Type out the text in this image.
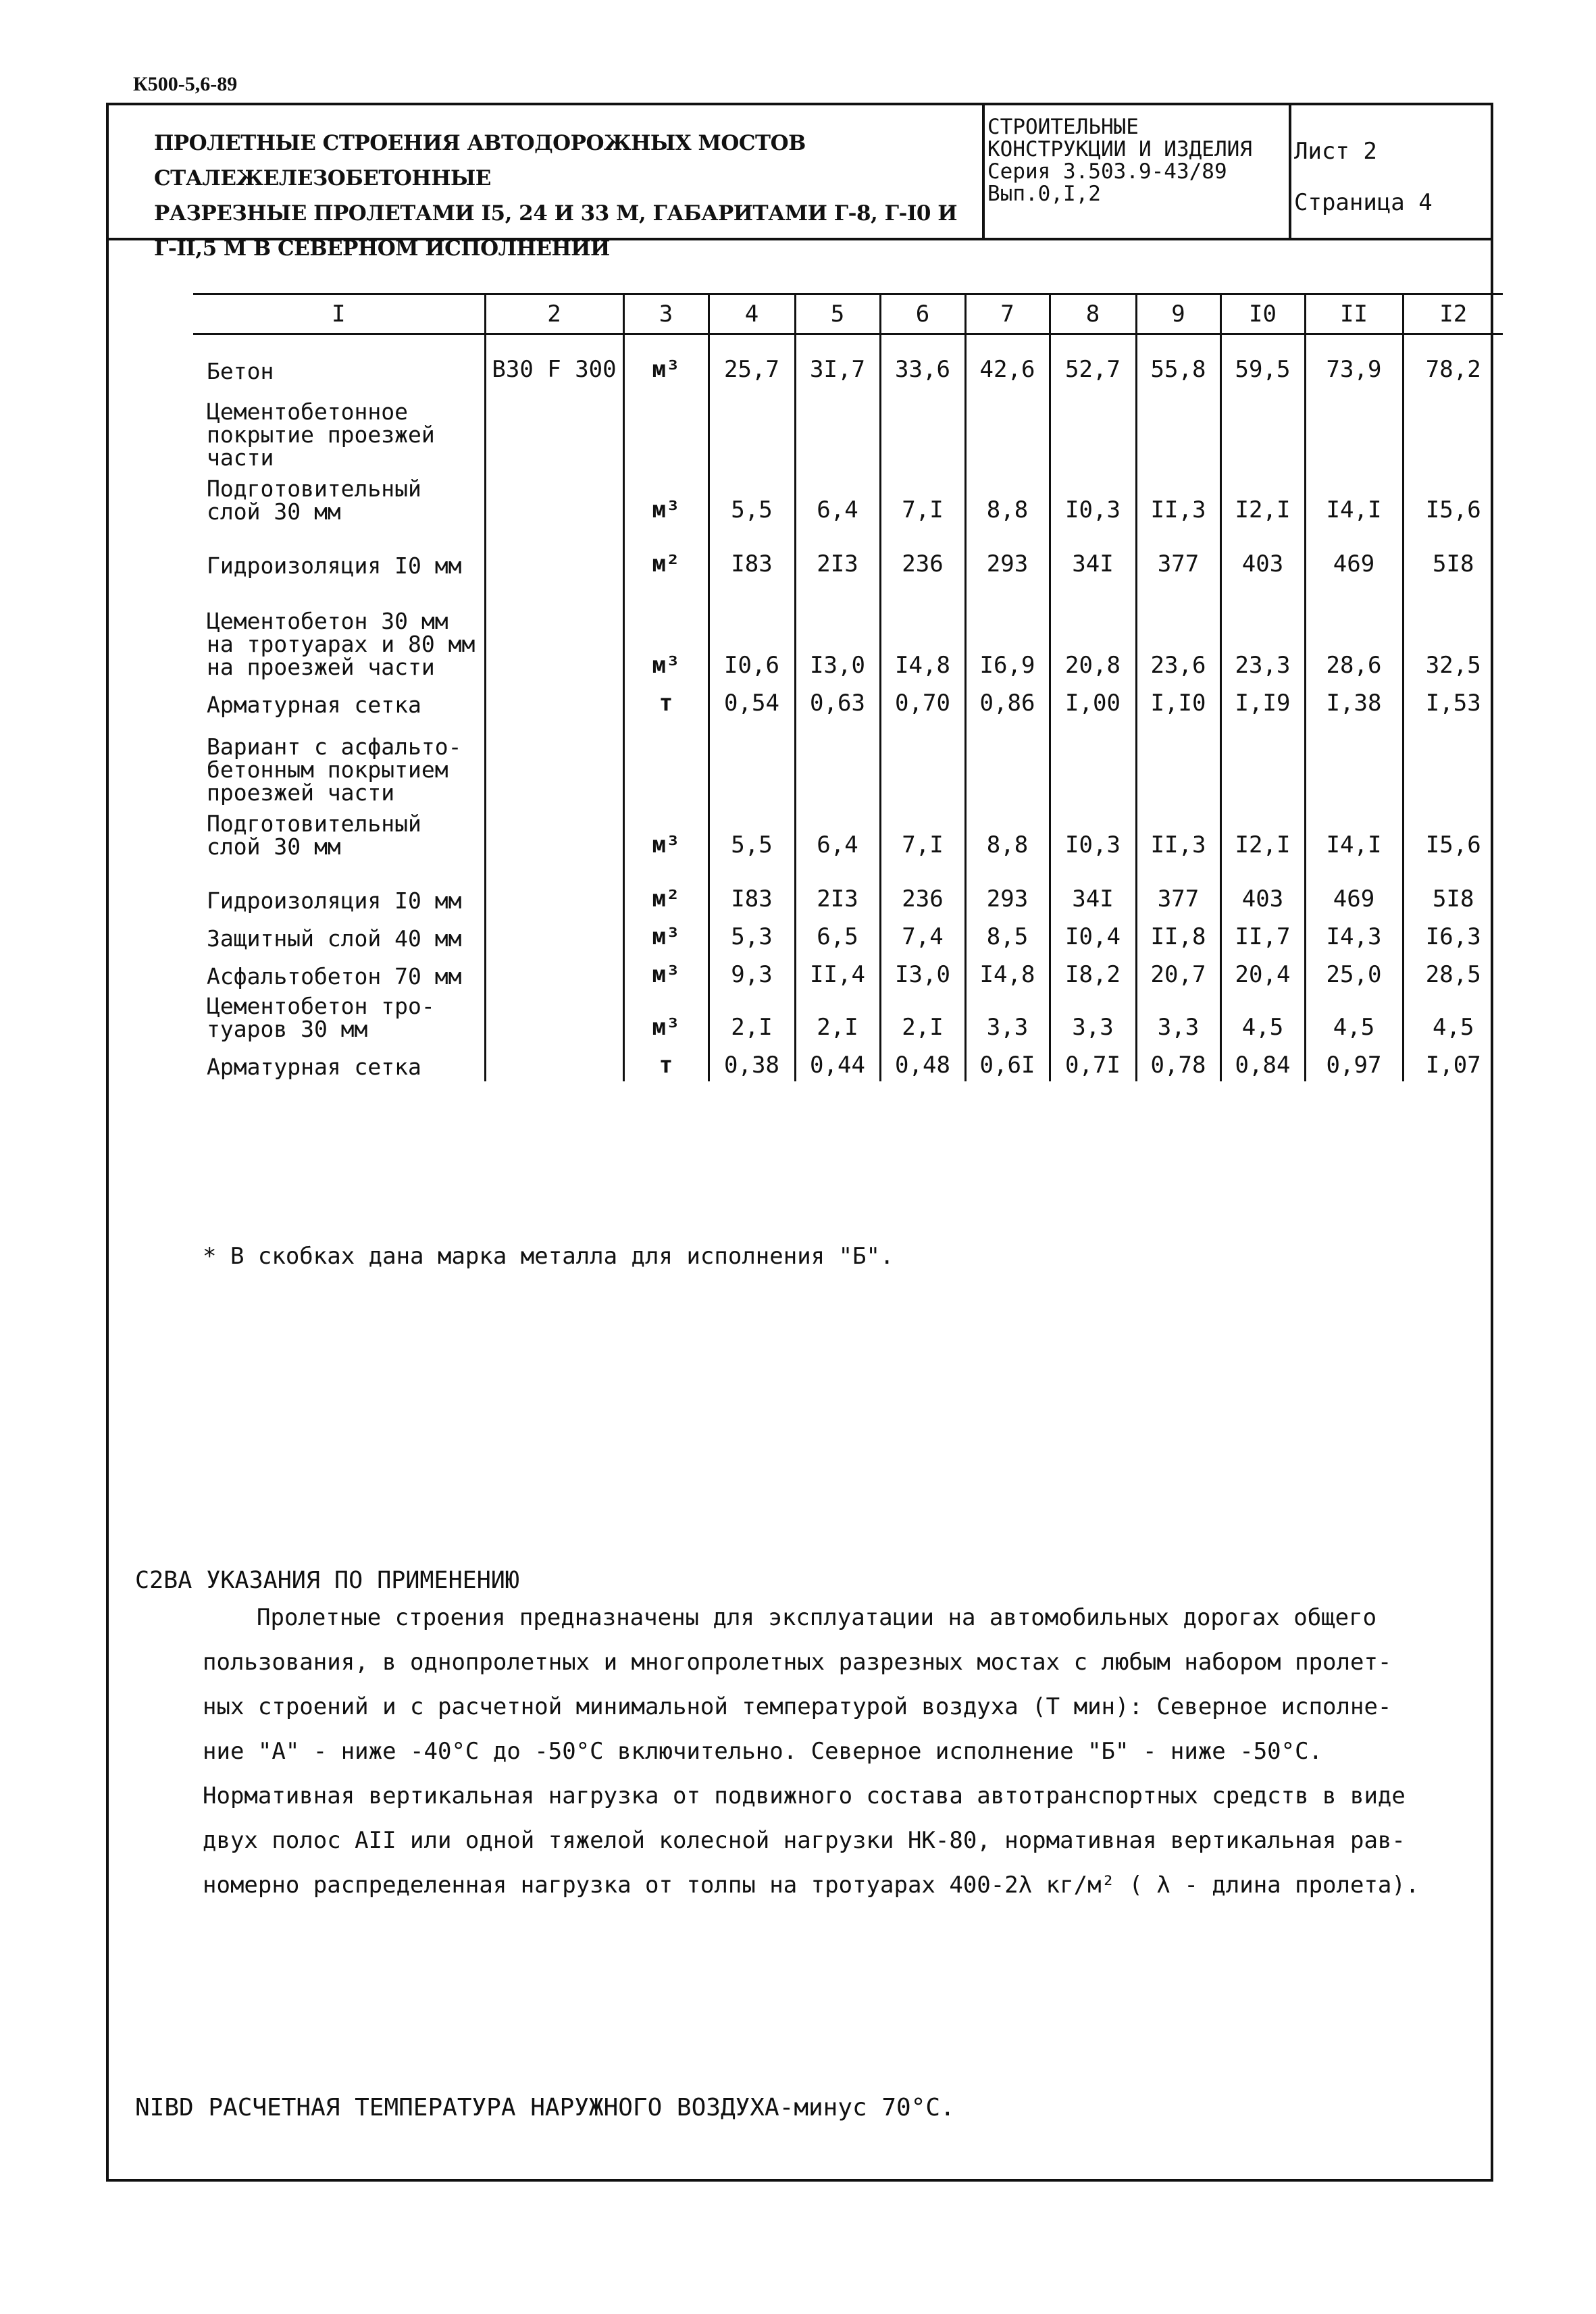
К500-5,6-89
ПРОЛЕТНЫЕ СТРОЕНИЯ АВТОДОРОЖНЫХ МОСТОВ СТАЛЕЖЕЛЕЗОБЕТОННЫЕ
РАЗРЕЗНЫЕ ПРОЛЕТАМИ I5, 24 И 33 М, ГАБАРИТАМИ Г-8, Г-I0 И
Г-II,5 М В СЕВЕРНОМ ИСПОЛНЕНИИ
СТРОИТЕЛЬНЫЕ
КОНСТРУКЦИИ И ИЗДЕЛИЯ
Серия 3.503.9-43/89
Вып.0,I,2
Лист 2
Страница 4
I	2	3	4	5	6	7	8	9	I0	II	I2
Бетон	B30 F 300	м³	25,7	3I,7	33,6	42,6	52,7	55,8	59,5	73,9	78,2
Цементобетонное покрытие проезжей части											
Подготовительный слой 30 мм		м³	5,5	6,4	7,I	8,8	I0,3	II,3	I2,I	I4,I	I5,6
Гидроизоляция I0 мм		м²	I83	2I3	236	293	34I	377	403	469	5I8
Цементобетон 30 мм на тротуарах и 80 мм на проезжей части		м³	I0,6	I3,0	I4,8	I6,9	20,8	23,6	23,3	28,6	32,5
Арматурная сетка		т	0,54	0,63	0,70	0,86	I,00	I,I0	I,I9	I,38	I,53
Вариант с асфальто-бетонным покрытием проезжей части											
Подготовительный слой 30 мм		м³	5,5	6,4	7,I	8,8	I0,3	II,3	I2,I	I4,I	I5,6
Гидроизоляция I0 мм		м²	I83	2I3	236	293	34I	377	403	469	5I8
Защитный слой 40 мм		м³	5,3	6,5	7,4	8,5	I0,4	II,8	II,7	I4,3	I6,3
Асфальтобетон 70 мм		м³	9,3	II,4	I3,0	I4,8	I8,2	20,7	20,4	25,0	28,5
Цементобетон тро-туаров 30 мм		м³	2,I	2,I	2,I	3,3	3,3	3,3	4,5	4,5	4,5
Арматурная сетка		т	0,38	0,44	0,48	0,6I	0,7I	0,78	0,84	0,97	I,07
* В скобках дана марка металла для исполнения "Б".
С2ВА УКАЗАНИЯ ПО ПРИМЕНЕНИЮ
Пролетные строения предназначены для эксплуатации на автомобильных дорогах общего
пользования, в однопролетных и многопролетных разрезных мостах с любым набором пролет-
ных строений и с расчетной минимальной температурой воздуха (Т мин): Северное исполне-
ние "А" - ниже -40°С до -50°С включительно. Северное исполнение "Б" - ниже -50°С.
Нормативная вертикальная нагрузка от подвижного состава автотранспортных средств в виде
двух полос АII или одной тяжелой колесной нагрузки НК-80, нормативная вертикальная рав-
номерно распределенная нагрузка от толпы на тротуарах 400-2λ кг/м² ( λ - длина пролета).
NIBD РАСЧЕТНАЯ ТЕМПЕРАТУРА НАРУЖНОГО ВОЗДУХА-минус 70°С.
